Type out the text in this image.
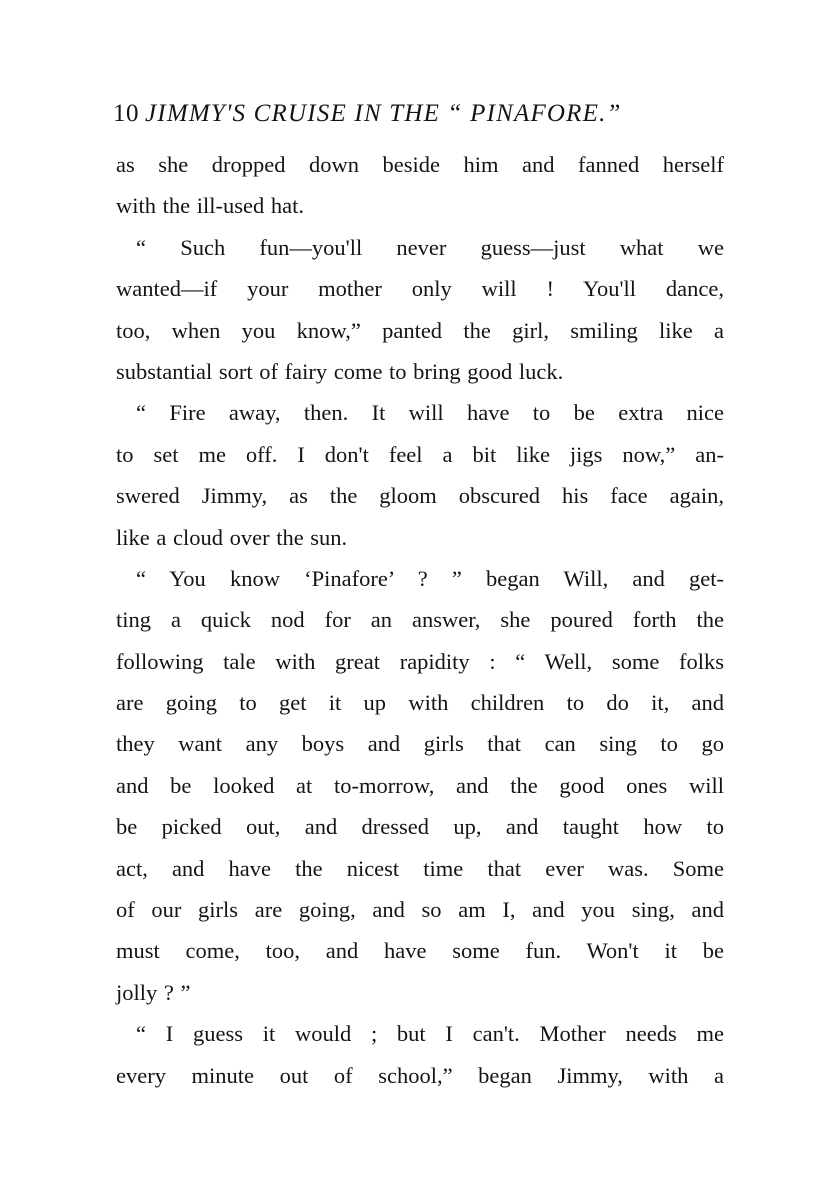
10 JIMMY'S CRUISE IN THE “ PINAFORE.”
as she dropped down beside him and fanned herself
with the ill-used hat.
“ Such fun—you'll never guess—just what we
wanted—if your mother only will ! You'll dance,
too, when you know,” panted the girl, smiling like a
substantial sort of fairy come to bring good luck.
“ Fire away, then. It will have to be extra nice
to set me off. I don't feel a bit like jigs now,” an-
swered Jimmy, as the gloom obscured his face again,
like a cloud over the sun.
“ You know ‘Pinafore’ ? ” began Will, and get-
ting a quick nod for an answer, she poured forth the
following tale with great rapidity : “ Well, some folks
are going to get it up with children to do it, and
they want any boys and girls that can sing to go
and be looked at to-morrow, and the good ones will
be picked out, and dressed up, and taught how to
act, and have the nicest time that ever was. Some
of our girls are going, and so am I, and you sing, and
must come, too, and have some fun. Won't it be
jolly ? ”
“ I guess it would ; but I can't. Mother needs me
every minute out of school,” began Jimmy, with a
